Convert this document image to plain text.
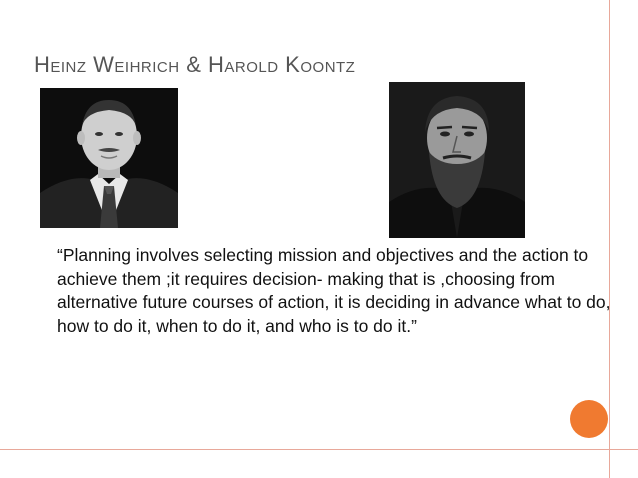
Heinz Weihrich & Harold Koontz
“Planning involves selecting mission and objectives and the action to achieve them ;it requires decision- making that is ,choosing from alternative future courses of action, it is deciding in advance what to do, how to do it, when to do it, and who is to do it.”
